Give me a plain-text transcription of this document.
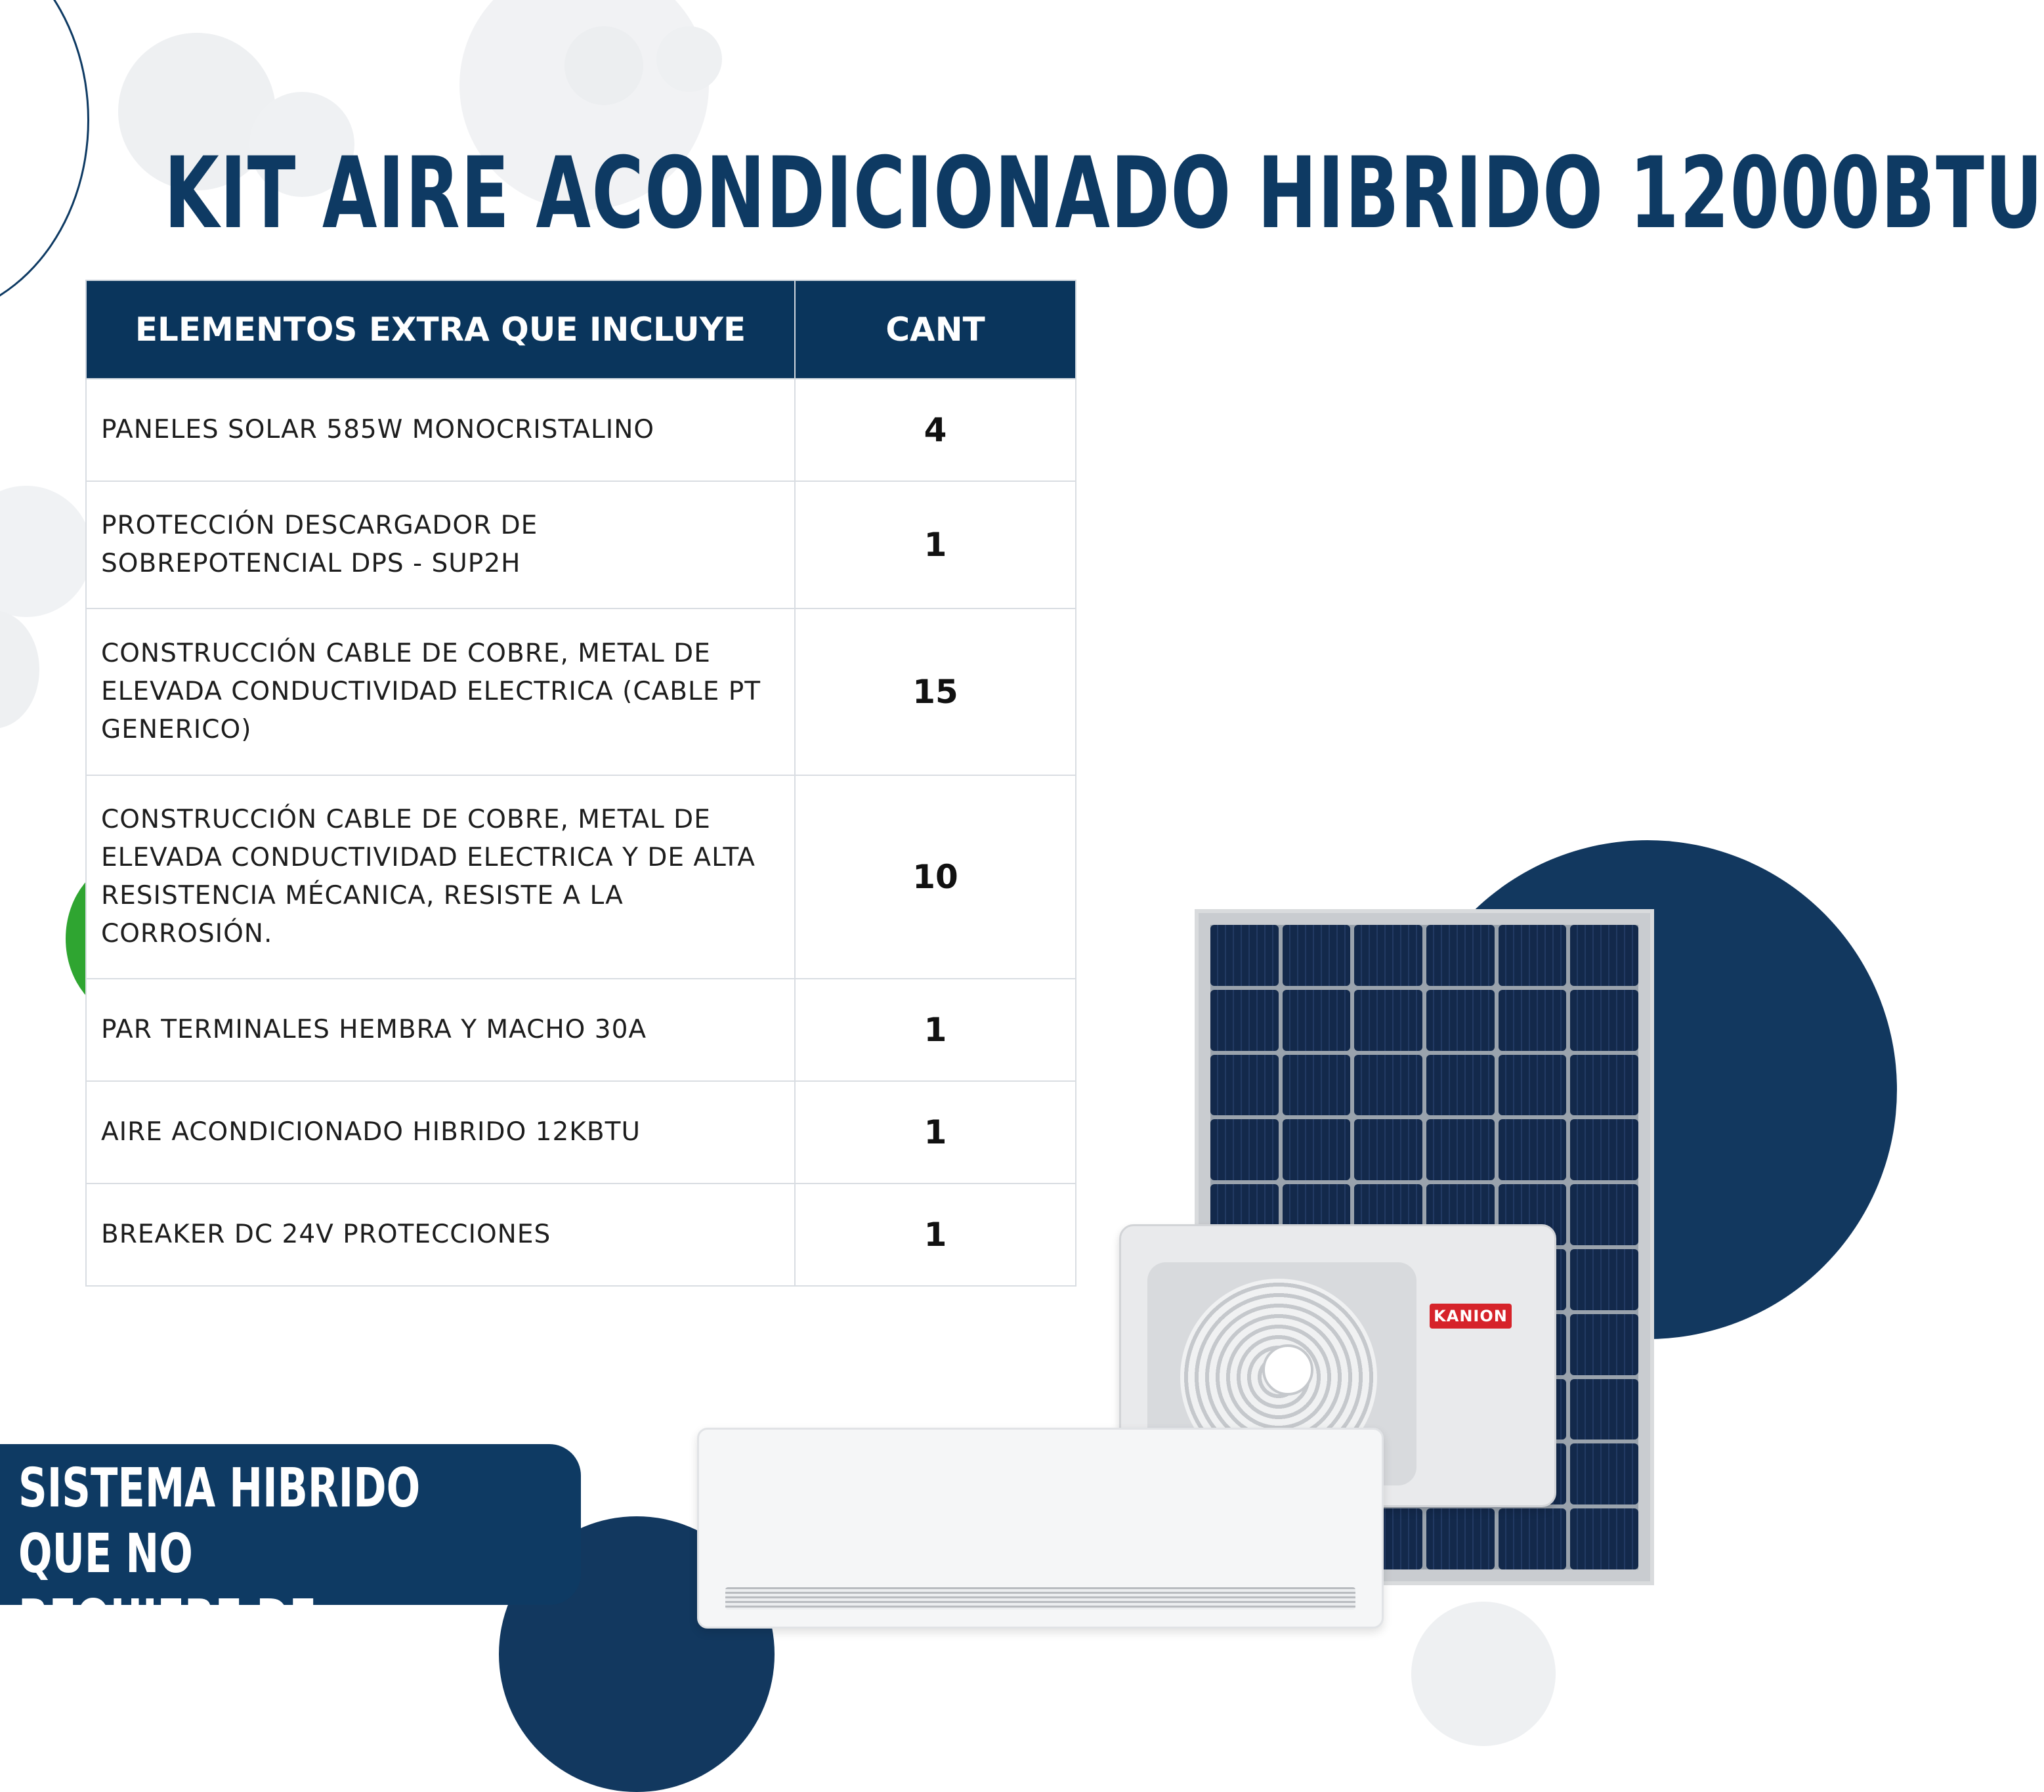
KIT AIRE ACONDICIONADO HIBRIDO 12000BTU
ELEMENTOS EXTRA QUE INCLUYE	CANT
PANELES SOLAR 585W MONOCRISTALINO	4
PROTECCIÓN DESCARGADOR DE SOBREPOTENCIAL DPS - SUP2H	1
CONSTRUCCIÓN CABLE DE COBRE, METAL DE ELEVADA CONDUCTIVIDAD ELECTRICA (CABLE PT GENERICO)	15
CONSTRUCCIÓN CABLE DE COBRE, METAL DE ELEVADA CONDUCTIVIDAD ELECTRICA Y DE ALTA RESISTENCIA MÉCANICA, RESISTE A LA CORROSIÓN.	10
PAR TERMINALES HEMBRA Y MACHO 30A	1
AIRE ACONDICIONADO HIBRIDO 12KBTU	1
BREAKER DC 24V PROTECCIONES	1

SISTEMA HIBRIDO QUE NO
REQUIERE DE BATERIAS

KANION
